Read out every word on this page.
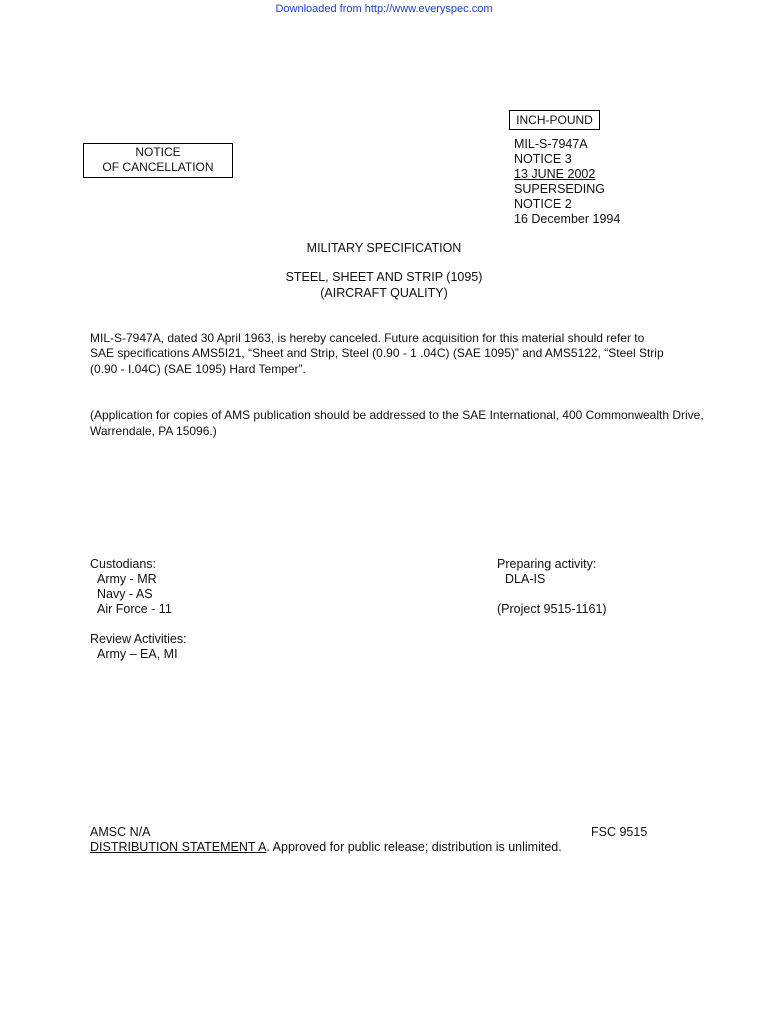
Downloaded from http://www.everyspec.com
NOTICE
OF CANCELLATION
INCH-POUND
MIL-S-7947A
NOTICE 3
13 JUNE 2002
SUPERSEDING
NOTICE 2
16 December 1994
MILITARY SPECIFICATION
STEEL, SHEET AND STRIP (1095)
(AIRCRAFT QUALITY)
MIL-S-7947A, dated 30 April 1963, is hereby canceled. Future acquisition for this material should refer to
SAE specifications AMS5I21, “Sheet and Strip, Steel (0.90 - 1 .04C) (SAE 1095)” and AMS5122, “Steel Strip
(0.90 - I.04C) (SAE 1095) Hard Temper”.
(Application for copies of AMS publication should be addressed to the SAE International, 400 Commonwealth Drive,
Warrendale, PA 15096.)
Custodians:
Army - MR
Navy - AS
Air Force - 11
Review Activities:
Army – EA, MI
Preparing activity:
DLA-IS
(Project 9515-1161)
AMSC N/A	FSC 9515
DISTRIBUTION STATEMENT A. Approved for public release; distribution is unlimited.
